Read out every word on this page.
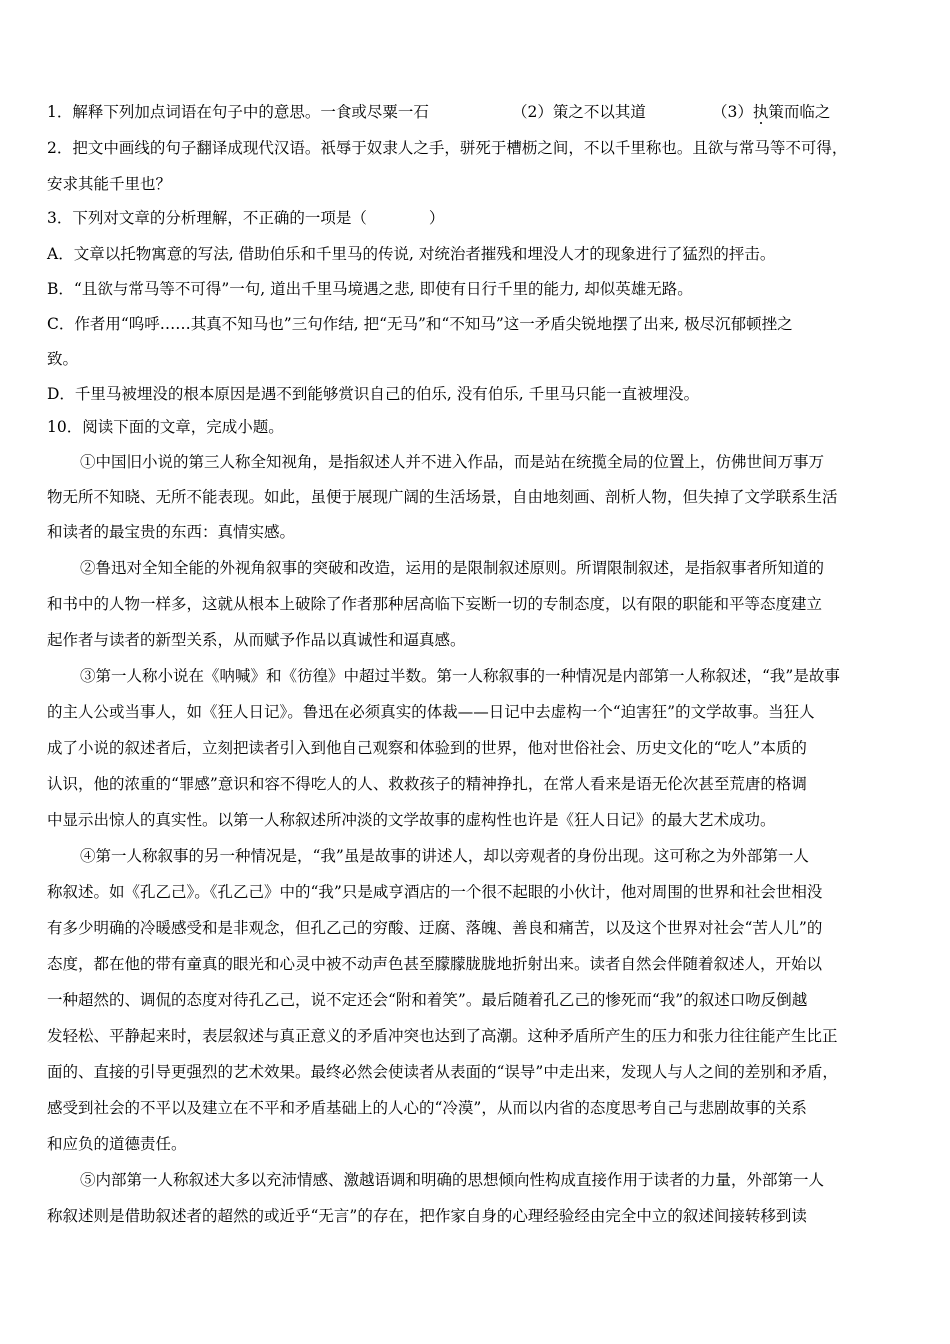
1．解释下列加点词语在句子中的意思。一食或尽粟一石	（2）策之不以其道	（3）执策而临之
2．把文中画线的句子翻译成现代汉语。祇辱于奴隶人之手，骈死于槽枥之间，不以千里称也。且欲与常马等不可得，
安求其能千里也？
3．下列对文章的分析理解，不正确的一项是（　　　　）
A．文章以托物寓意的写法, 借助伯乐和千里马的传说, 对统治者摧残和埋没人才的现象进行了猛烈的抨击。
B．“且欲与常马等不可得”一句, 道出千里马境遇之悲, 即使有日行千里的能力, 却似英雄无路。
C．作者用“呜呼……其真不知马也”三句作结, 把“无马”和“不知马”这一矛盾尖锐地摆了出来, 极尽沉郁顿挫之
致。
D．千里马被埋没的根本原因是遇不到能够赏识自己的伯乐, 没有伯乐, 千里马只能一直被埋没。
10．阅读下面的文章，完成小题。
①中国旧小说的第三人称全知视角，是指叙述人并不进入作品，而是站在统揽全局的位置上，仿佛世间万事万
物无所不知晓、无所不能表现。如此，虽便于展现广阔的生活场景，自由地刻画、剖析人物，但失掉了文学联系生活
和读者的最宝贵的东西：真情实感。
②鲁迅对全知全能的外视角叙事的突破和改造，运用的是限制叙述原则。所谓限制叙述，是指叙事者所知道的
和书中的人物一样多，这就从根本上破除了作者那种居高临下妄断一切的专制态度，以有限的职能和平等态度建立
起作者与读者的新型关系，从而赋予作品以真诚性和逼真感。
③第一人称小说在《呐喊》和《彷徨》中超过半数。第一人称叙事的一种情况是内部第一人称叙述，“我”是故事
的主人公或当事人，如《狂人日记》。鲁迅在必须真实的体裁——日记中去虚构一个“迫害狂”的文学故事。当狂人
成了小说的叙述者后，立刻把读者引入到他自己观察和体验到的世界，他对世俗社会、历史文化的“吃人”本质的
认识，他的浓重的“罪感”意识和容不得吃人的人、救救孩子的精神挣扎，在常人看来是语无伦次甚至荒唐的格调
中显示出惊人的真实性。以第一人称叙述所冲淡的文学故事的虚构性也许是《狂人日记》的最大艺术成功。
④第一人称叙事的另一种情况是，“我”虽是故事的讲述人，却以旁观者的身份出现。这可称之为外部第一人
称叙述。如《孔乙己》。《孔乙己》中的“我”只是咸亨酒店的一个很不起眼的小伙计，他对周围的世界和社会世相没
有多少明确的冷暖感受和是非观念，但孔乙己的穷酸、迂腐、落魄、善良和痛苦，以及这个世界对社会“苦人儿”的
态度，都在他的带有童真的眼光和心灵中被不动声色甚至朦朦胧胧地折射出来。读者自然会伴随着叙述人，开始以
一种超然的、调侃的态度对待孔乙己，说不定还会“附和着笑”。最后随着孔乙己的惨死而“我”的叙述口吻反倒越
发轻松、平静起来时，表层叙述与真正意义的矛盾冲突也达到了高潮。这种矛盾所产生的压力和张力往往能产生比正
面的、直接的引导更强烈的艺术效果。最终必然会使读者从表面的“误导”中走出来，发现人与人之间的差别和矛盾，
感受到社会的不平以及建立在不平和矛盾基础上的人心的“冷漠”，从而以内省的态度思考自己与悲剧故事的关系
和应负的道德责任。
⑤内部第一人称叙述大多以充沛情感、激越语调和明确的思想倾向性构成直接作用于读者的力量，外部第一人
称叙述则是借助叙述者的超然的或近乎“无言”的存在，把作家自身的心理经验经由完全中立的叙述间接转移到读
